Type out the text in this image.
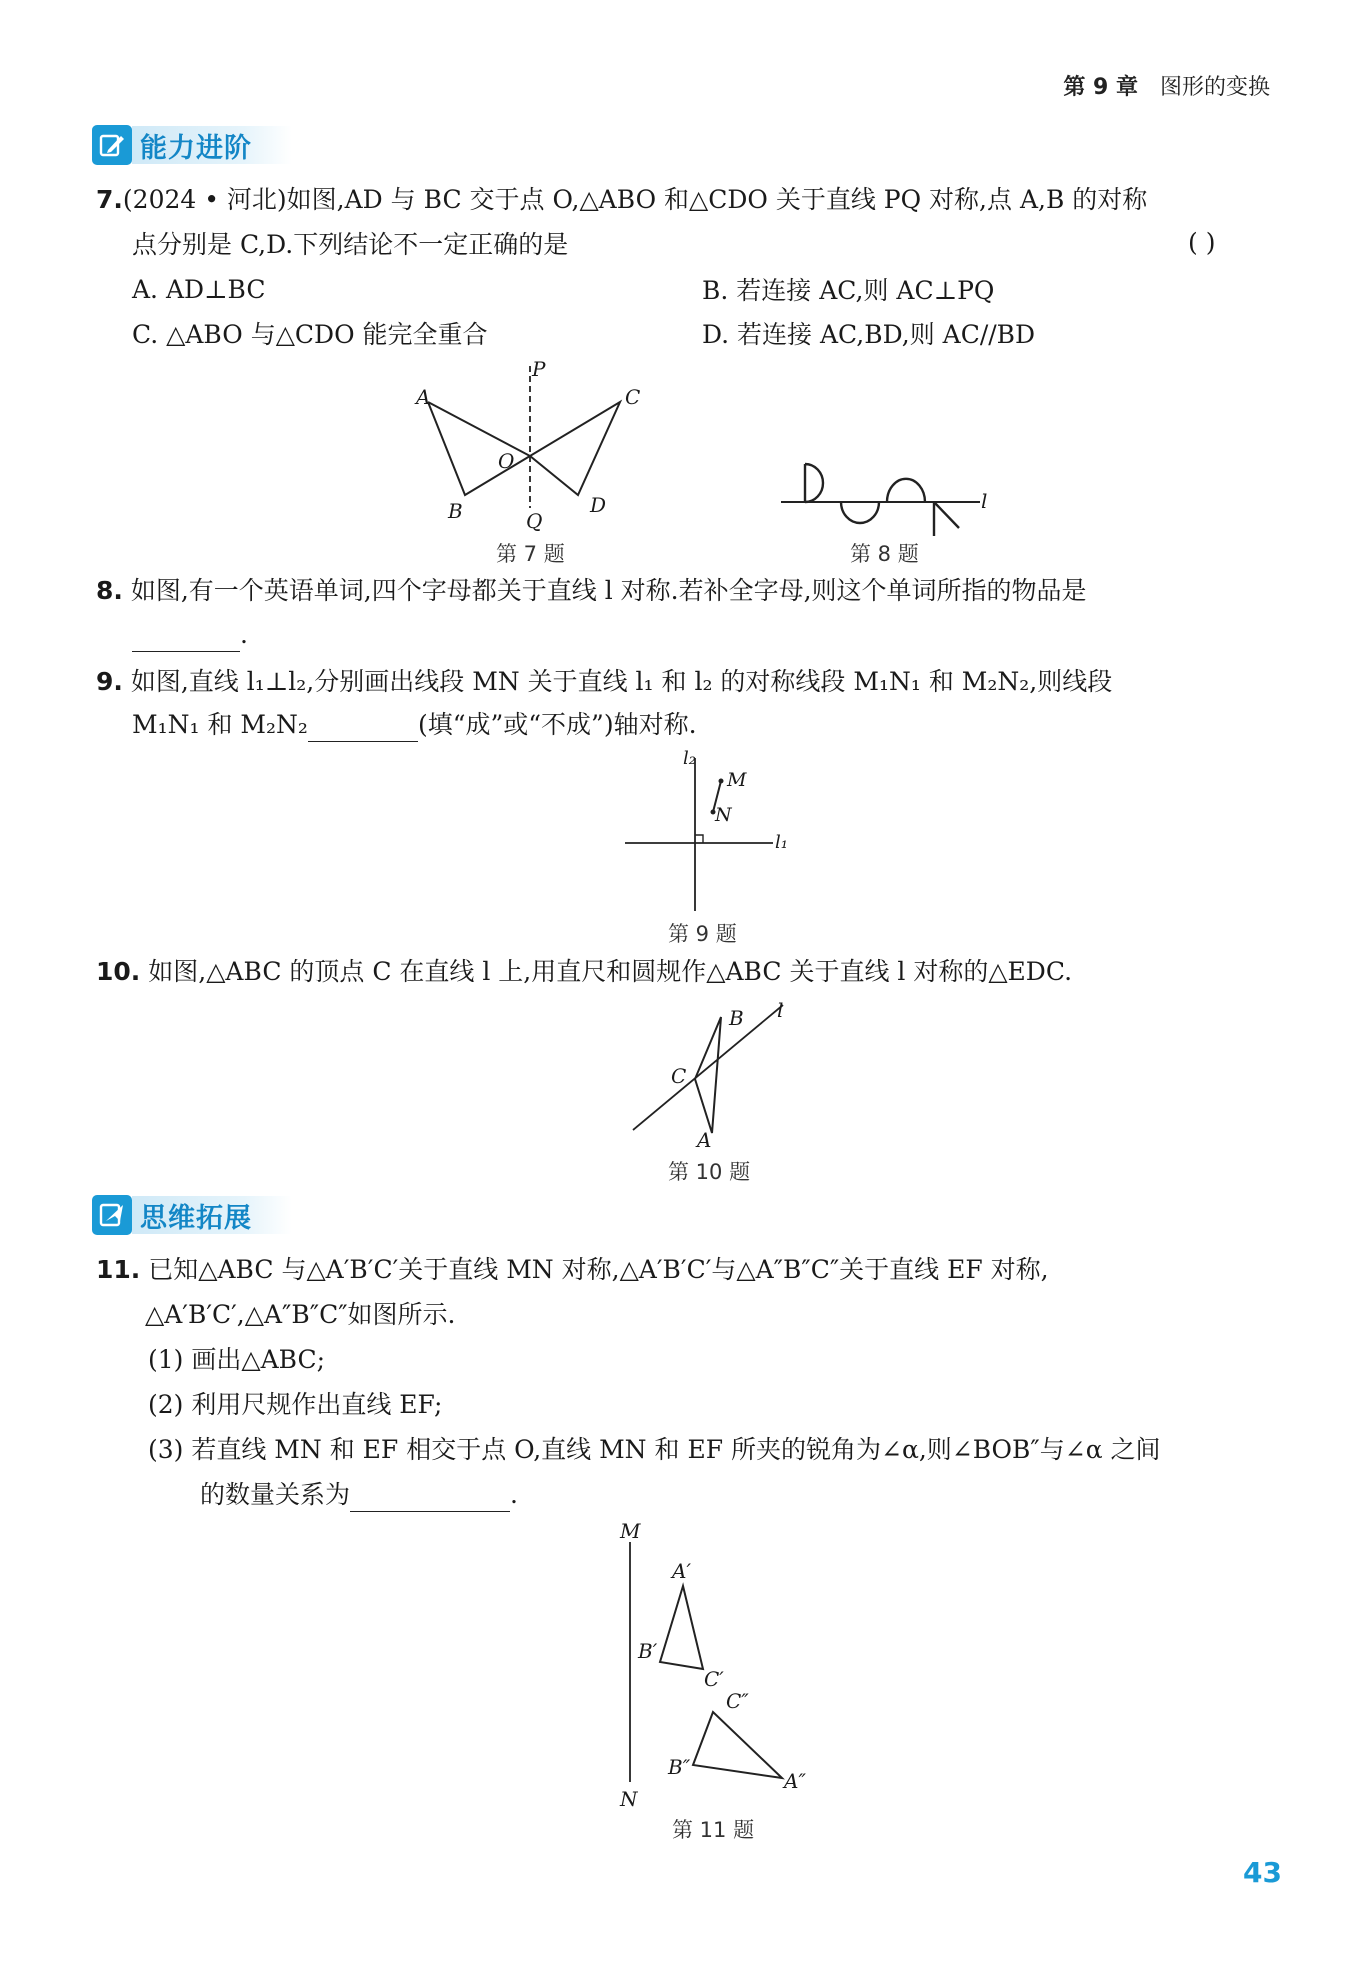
第 9 章 图形的变换
能力进阶
7.(2024 • 河北)如图,AD 与 BC 交于点 O,△ABO 和△CDO 关于直线 PQ 对称,点 A,B 的对称
点分别是 C,D.下列结论不一定正确的是	( )
A. AD⊥BC	B. 若连接 AC,则 AC⊥PQ
C. △ABO 与△CDO 能完全重合	D. 若连接 AC,BD,则 AC//BD
A
B
C
D
O
P
Q
第 7 题
l
第 8 题
8. 如图,有一个英语单词,四个字母都关于直线 l 对称.若补全字母,则这个单词所指的物品是
.
9. 如图,直线 l₁⊥l₂,分别画出线段 MN 关于直线 l₁ 和 l₂ 的对称线段 M₁N₁ 和 M₂N₂,则线段
M₁N₁ 和 M₂N₂	(填“成”或“不成”)轴对称.
l₂
M
N
l₁
第 9 题
10. 如图,△ABC 的顶点 C 在直线 l 上,用直尺和圆规作△ABC 关于直线 l 对称的△EDC.
B
C
A
l
第 10 题
思维拓展
11. 已知△ABC 与△A′B′C′关于直线 MN 对称,△A′B′C′与△A″B″C″关于直线 EF 对称,
△A′B′C′,△A″B″C″如图所示.
(1) 画出△ABC;
(2) 利用尺规作出直线 EF;
(3) 若直线 MN 和 EF 相交于点 O,直线 MN 和 EF 所夹的锐角为∠α,则∠BOB″与∠α 之间
的数量关系为	.
M
N
A′
B′
C′
C″
B″
A″
第 11 题
43
